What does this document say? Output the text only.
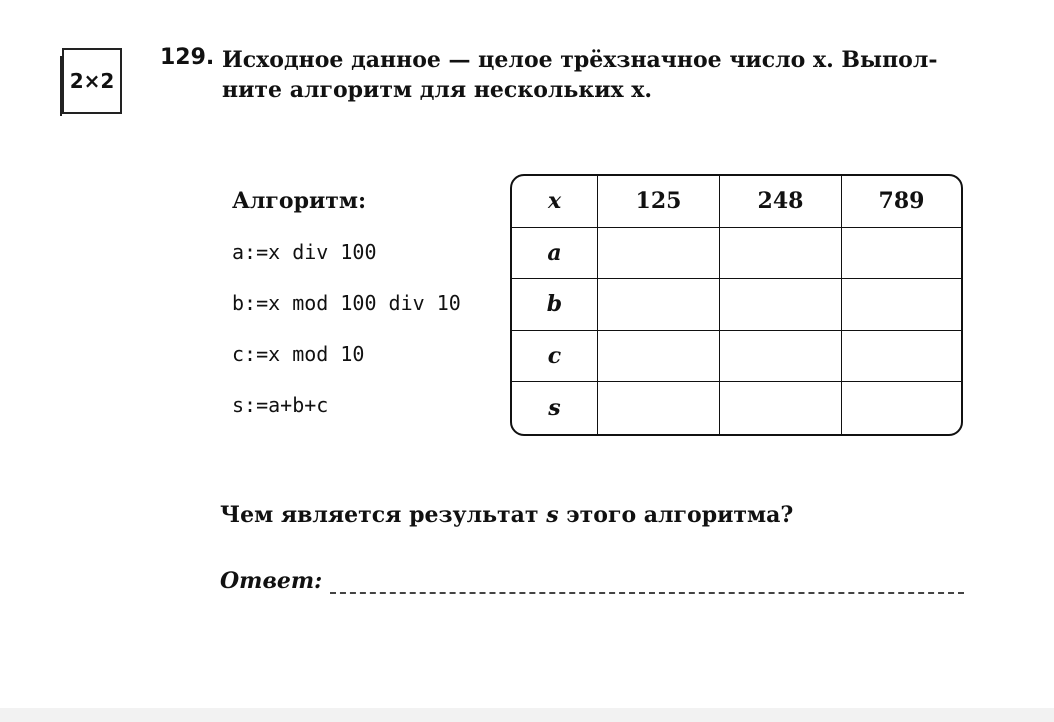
2×2
129. Исходное данное — целое трёхзначное число x. Выпол-
ните алгоритм для нескольких x.
Алгоритм:
a:=x div 100
b:=x mod 100 div 10
c:=x mod 10
s:=a+b+c
x	125	248	789
a
b
c
s
Чем является результат s этого алгоритма?
Ответ:
